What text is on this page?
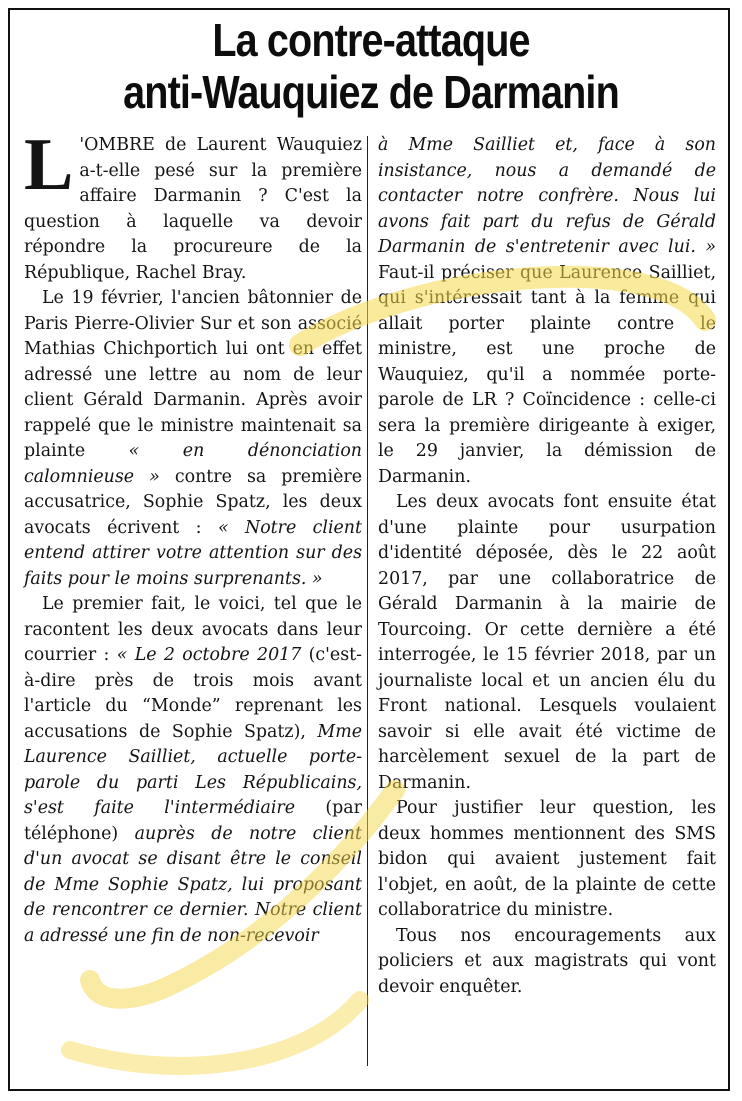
La contre-attaque
anti-Wauquiez de Darmanin

L 'OMBRE de Laurent Wauquiez a-t-elle pesé sur la première affaire Darmanin ? C'est la question à laquelle va devoir répondre la procureure de la République, Rachel Bray.

Le 19 février, l'ancien bâtonnier de Paris Pierre-Olivier Sur et son associé Mathias Chichportich lui ont en effet adressé une lettre au nom de leur client Gérald Darmanin. Après avoir rappelé que le ministre maintenait sa plainte « en dénonciation calomnieuse » contre sa première accusatrice, Sophie Spatz, les deux avocats écrivent : « Notre client entend attirer votre attention sur des faits pour le moins surprenants. »

Le premier fait, le voici, tel que le racontent les deux avocats dans leur courrier : « Le 2 octobre 2017 (c'est-à-dire près de trois mois avant l'article du “Monde” reprenant les accusations de Sophie Spatz), Mme Laurence Sailliet, actuelle porte-parole du parti Les Républicains, s'est faite l'intermédiaire (par téléphone) auprès de notre client d'un avocat se disant être le conseil de Mme Sophie Spatz, lui proposant de rencontrer ce dernier. Notre client a adressé une fin de non-recevoir

à Mme Sailliet et, face à son insistance, nous a demandé de contacter notre confrère. Nous lui avons fait part du refus de Gérald Darmanin de s'entretenir avec lui. » Faut-il préciser que Laurence Sailliet, qui s'intéressait tant à la femme qui allait porter plainte contre le ministre, est une proche de Wauquiez, qu'il a nommée porte-parole de LR ? Coïncidence : celle-ci sera la première dirigeante à exiger, le 29 janvier, la démission de Darmanin.

Les deux avocats font ensuite état d'une plainte pour usurpation d'identité déposée, dès le 22 août 2017, par une collaboratrice de Gérald Darmanin à la mairie de Tourcoing. Or cette dernière a été interrogée, le 15 février 2018, par un journaliste local et un ancien élu du Front national. Lesquels voulaient savoir si elle avait été victime de harcèlement sexuel de la part de Darmanin.

Pour justifier leur question, les deux hommes mentionnent des SMS bidon qui avaient justement fait l'objet, en août, de la plainte de cette collaboratrice du ministre.

Tous nos encouragements aux policiers et aux magistrats qui vont devoir enquêter.
